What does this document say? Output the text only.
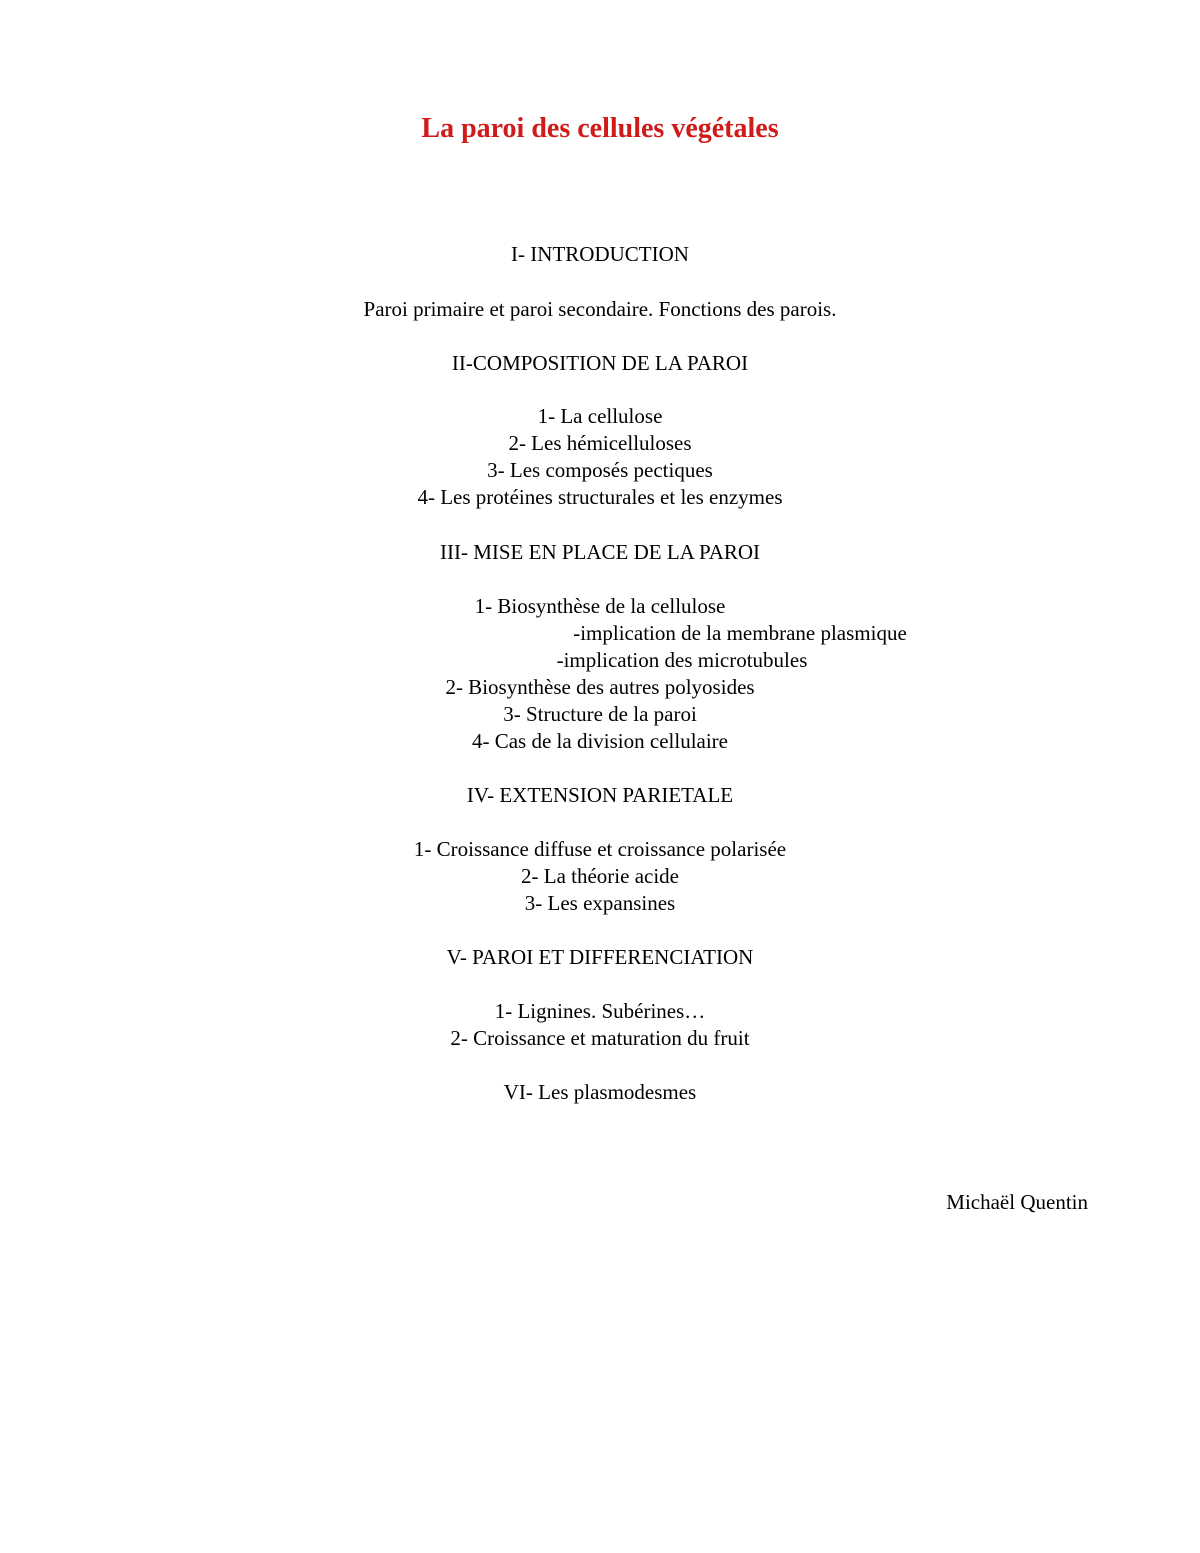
La paroi des cellules végétales
I- INTRODUCTION
Paroi primaire et paroi secondaire. Fonctions des parois.
II-COMPOSITION DE LA PAROI
1- La cellulose
2- Les hémicelluloses
3- Les composés pectiques
4- Les protéines structurales et les enzymes
III- MISE EN PLACE DE LA PAROI
1- Biosynthèse de la cellulose
-implication de la membrane plasmique
-implication des microtubules
2- Biosynthèse des autres polyosides
3- Structure de la paroi
4- Cas de la division cellulaire
IV- EXTENSION PARIETALE
1- Croissance diffuse et croissance polarisée
2- La théorie acide
3- Les expansines
V- PAROI ET DIFFERENCIATION
1- Lignines. Subérines…
2- Croissance et maturation du fruit
VI- Les plasmodesmes
Michaël Quentin
